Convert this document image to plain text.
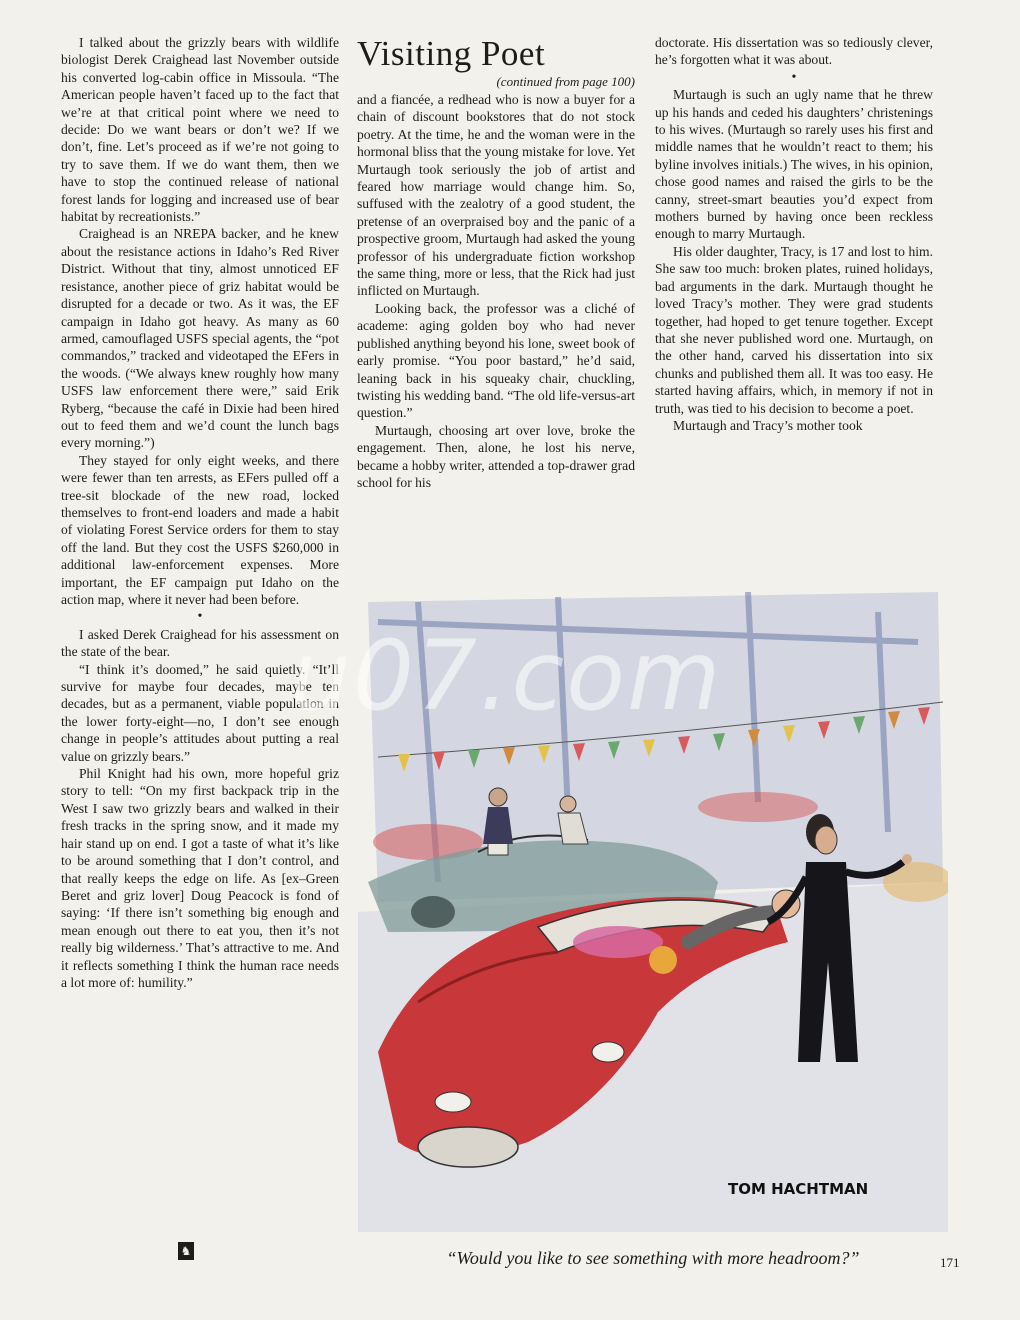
I talked about the grizzly bears with wildlife biologist Derek Craighead last November outside his converted log-cabin office in Missoula. “The American people haven’t faced up to the fact that we’re at that critical point where we need to decide: Do we want bears or don’t we? If we don’t, fine. Let’s proceed as if we’re not going to try to save them. If we do want them, then we have to stop the continued release of national forest lands for logging and increased use of bear habitat by recreationists.”

Craighead is an NREPA backer, and he knew about the resistance actions in Idaho’s Red River District. Without that tiny, almost unnoticed EF resistance, another piece of griz habitat would be disrupted for a decade or two. As it was, the EF campaign in Idaho got heavy. As many as 60 armed, camouflaged USFS special agents, the “pot commandos,” tracked and videotaped the EFers in the woods. (“We always knew roughly how many USFS law enforcement there were,” said Erik Ryberg, “because the café in Dixie had been hired out to feed them and we’d count the lunch bags every morning.”)

They stayed for only eight weeks, and there were fewer than ten arrests, as EFers pulled off a tree-sit blockade of the new road, locked themselves to front-end loaders and made a habit of violating Forest Service orders for them to stay off the land. But they cost the USFS $260,000 in additional law-enforcement expenses. More important, the EF campaign put Idaho on the action map, where it never had been before.

•

I asked Derek Craighead for his assessment on the state of the bear.

“I think it’s doomed,” he said quietly. “It’ll survive for maybe four decades, maybe ten decades, but as a permanent, viable population in the lower forty-eight—no, I don’t see enough change in people’s attitudes about putting a real value on grizzly bears.”

Phil Knight had his own, more hopeful griz story to tell: “On my first backpack trip in the West I saw two grizzly bears and walked in their fresh tracks in the spring snow, and it made my hair stand up on end. I got a taste of what it’s like to be around something that I don’t control, and that really keeps the edge on life. As [ex–Green Beret and griz lover] Doug Peacock is fond of saying: ‘If there isn’t something big enough and mean enough out there to eat you, then it’s not really big wilderness.’ That’s attractive to me. And it reflects something I think the human race needs a lot more of: humility.”

Visiting Poet
(continued from page 100)

and a fiancée, a redhead who is now a buyer for a chain of discount bookstores that do not stock poetry. At the time, he and the woman were in the hormonal bliss that the young mistake for love. Yet Murtaugh took seriously the job of artist and feared how marriage would change him. So, suffused with the zealotry of a good student, the pretense of an overpraised boy and the panic of a prospective groom, Murtaugh had asked the young professor of his undergraduate fiction workshop the same thing, more or less, that the Rick had just inflicted on Murtaugh.

Looking back, the professor was a cliché of academe: aging golden boy who had never published anything beyond his lone, sweet book of early promise. “You poor bastard,” he’d said, leaning back in his squeaky chair, chuckling, twisting his wedding band. “The old life-versus-art question.”

Murtaugh, choosing art over love, broke the engagement. Then, alone, he lost his nerve, became a hobby writer, attended a top-drawer grad school for his

doctorate. His dissertation was so tediously clever, he’s forgotten what it was about.

•

Murtaugh is such an ugly name that he threw up his hands and ceded his daughters’ christenings to his wives. (Murtaugh so rarely uses his first and middle names that he wouldn’t react to them; his byline involves initials.) The wives, in his opinion, chose good names and raised the girls to be the canny, street-smart beauties you’d expect from mothers burned by having once been reckless enough to marry Murtaugh.

His older daughter, Tracy, is 17 and lost to him. She saw too much: broken plates, ruined holidays, bad arguments in the dark. Murtaugh thought he loved Tracy’s mother. They were grad students together, had hoped to get tenure together. Except that she never published word one. Murtaugh, on the other hand, carved his dissertation into six chunks and published them all. It was too easy. He started having affairs, which, in memory if not in truth, was tied to his decision to become a poet.

Murtaugh and Tracy’s mother took

TOM HACHTMAN
u07.com
“Would you like to see something with more headroom?”
♞
171
